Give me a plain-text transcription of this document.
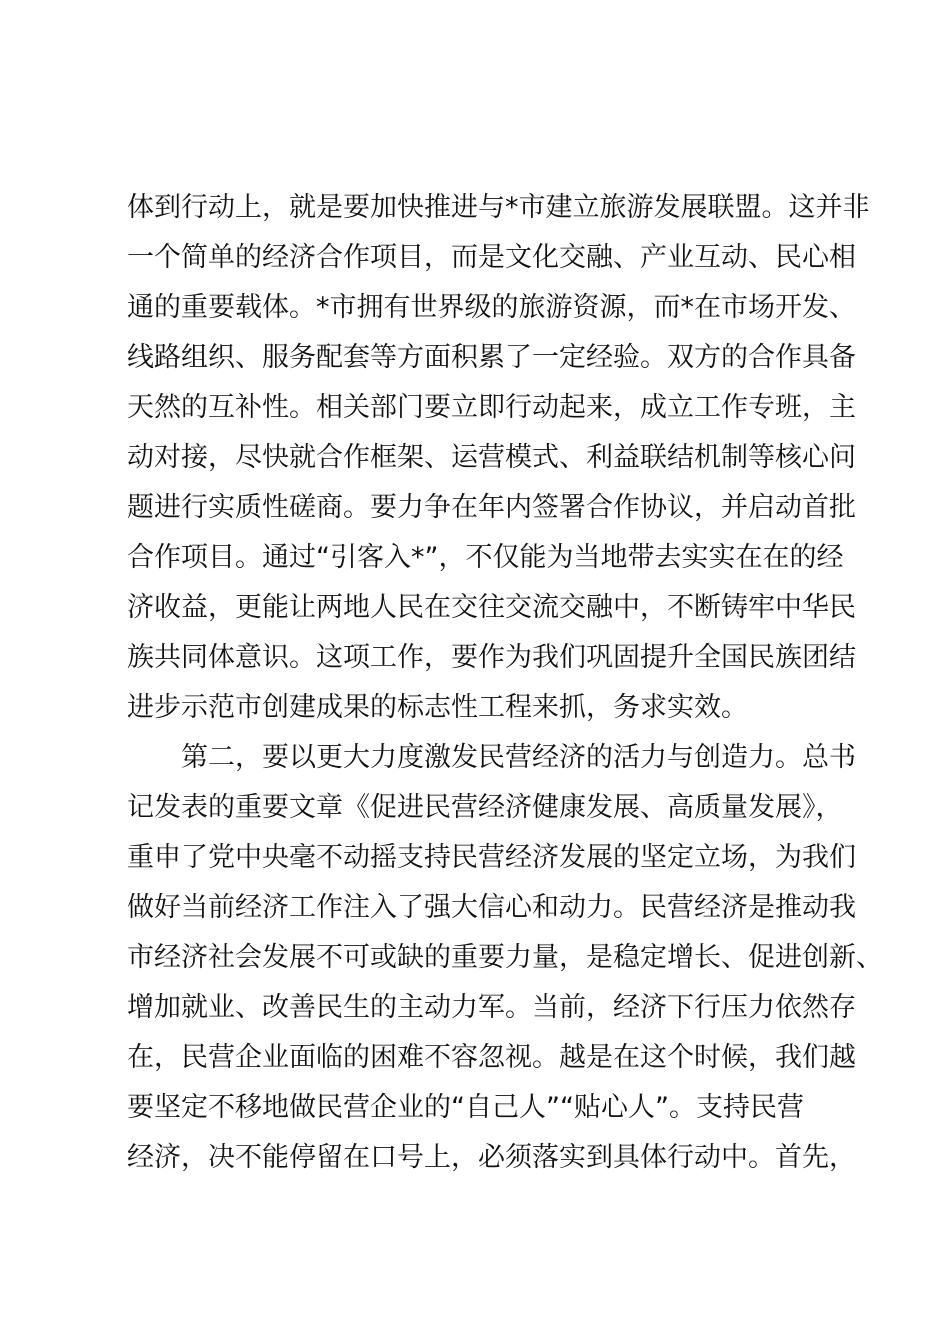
体到行动上，就是要加快推进与*市建立旅游发展联盟。这并非

一个简单的经济合作项目，而是文化交融、产业互动、民心相

通的重要载体。*市拥有世界级的旅游资源，而*在市场开发、

线路组织、服务配套等方面积累了一定经验。双方的合作具备

天然的互补性。相关部门要立即行动起来，成立工作专班，主

动对接，尽快就合作框架、运营模式、利益联结机制等核心问

题进行实质性磋商。要力争在年内签署合作协议，并启动首批

合作项目。通过“引客入*”，不仅能为当地带去实实在在的经

济收益，更能让两地人民在交往交流交融中，不断铸牢中华民

族共同体意识。这项工作，要作为我们巩固提升全国民族团结

进步示范市创建成果的标志性工程来抓，务求实效。

第二，要以更大力度激发民营经济的活力与创造力。总书

记发表的重要文章《促进民营经济健康发展、高质量发展》，

重申了党中央毫不动摇支持民营经济发展的坚定立场，为我们

做好当前经济工作注入了强大信心和动力。民营经济是推动我

市经济社会发展不可或缺的重要力量，是稳定增长、促进创新、

增加就业、改善民生的主动力军。当前，经济下行压力依然存

在，民营企业面临的困难不容忽视。越是在这个时候，我们越

要坚定不移地做民营企业的“自己人”“贴心人”。支持民营

经济，决不能停留在口号上，必须落实到具体行动中。首先，
